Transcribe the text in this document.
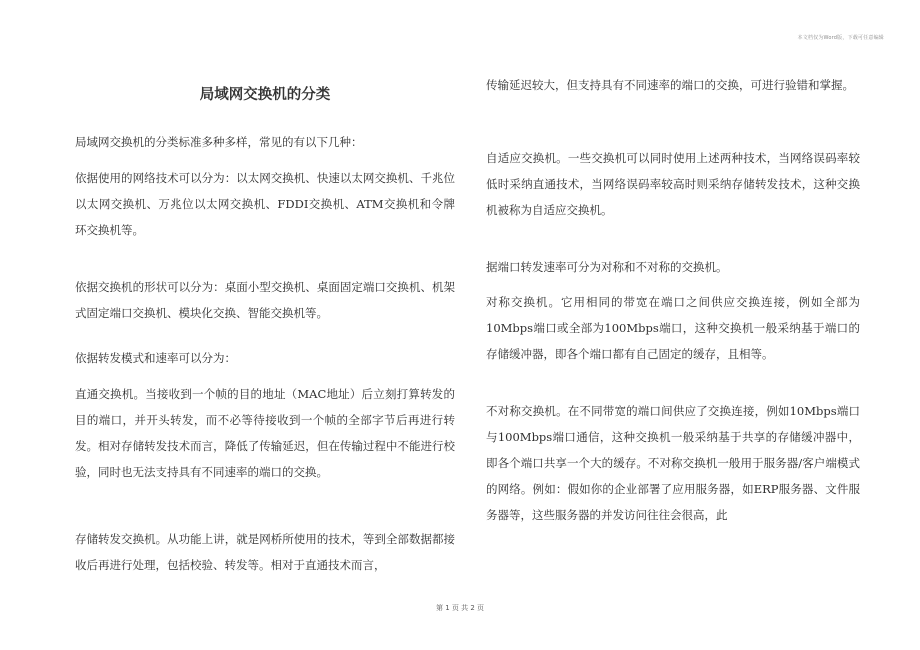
本文档仅为Word版，下载可任意编辑
局域网交换机的分类

局域网交换机的分类标准多种多样，常见的有以下几种：

依据使用的网络技术可以分为：以太网交换机、快速以太网交换机、千兆位以太网交换机、万兆位以太网交换机、FDDI交换机、ATM交换机和令牌环交换机等。

依据交换机的形状可以分为：桌面小型交换机、桌面固定端口交换机、机架式固定端口交换机、模块化交换、智能交换机等。

依据转发模式和速率可以分为：

直通交换机。当接收到一个帧的目的地址（MAC地址）后立刻打算转发的目的端口，并开头转发，而不必等待接收到一个帧的全部字节后再进行转发。相对存储转发技术而言，降低了传输延迟，但在传输过程中不能进行校验，同时也无法支持具有不同速率的端口的交换。

存储转发交换机。从功能上讲，就是网桥所使用的技术，等到全部数据都接收后再进行处理，包括校验、转发等。相对于直通技术而言，

传输延迟较大，但支持具有不同速率的端口的交换，可进行验错和掌握。

自适应交换机。一些交换机可以同时使用上述两种技术，当网络误码率较低时采纳直通技术，当网络误码率较高时则采纳存储转发技术，这种交换机被称为自适应交换机。

据端口转发速率可分为对称和不对称的交换机。

对称交换机。它用相同的带宽在端口之间供应交换连接，例如全部为10Mbps端口或全部为100Mbps端口，这种交换机一般采纳基于端口的存储缓冲器，即各个端口都有自己固定的缓存，且相等。

不对称交换机。在不同带宽的端口间供应了交换连接，例如10Mbps端口与100Mbps端口通信，这种交换机一般采纳基于共享的存储缓冲器中，即各个端口共享一个大的缓存。不对称交换机一般用于服务器/客户端模式的网络。例如：假如你的企业部署了应用服务器，如ERP服务器、文件服务器等，这些服务器的并发访问往往会很高，此

第 1 页 共 2 页
